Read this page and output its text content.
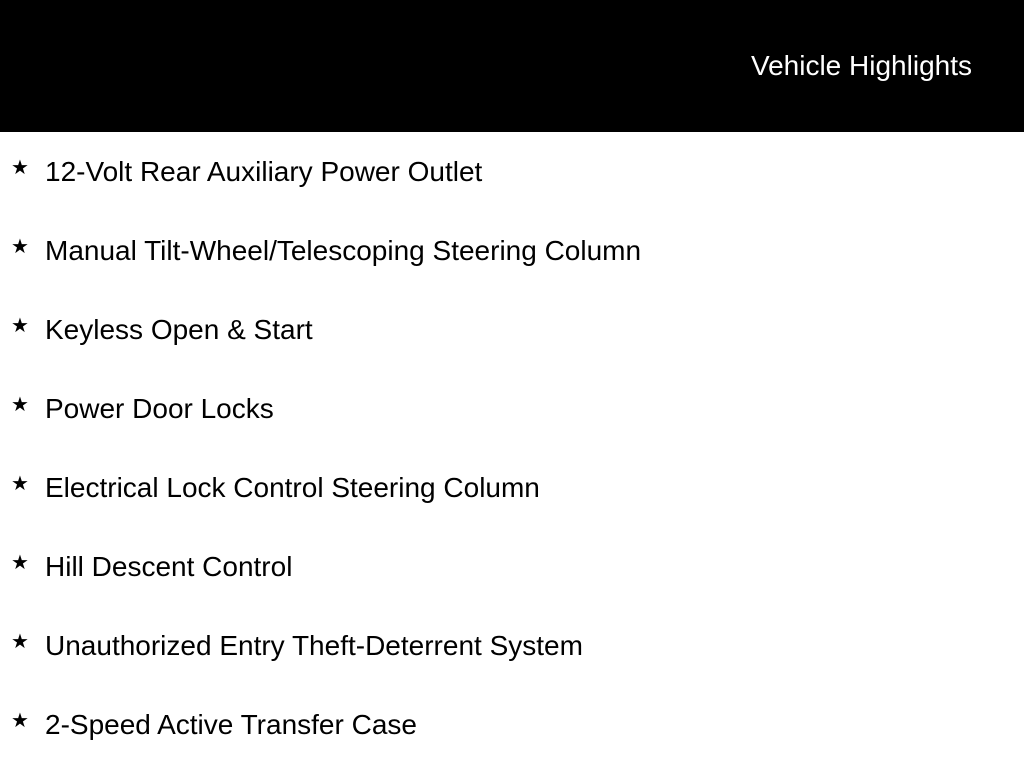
Vehicle Highlights
★ 12-Volt Rear Auxiliary Power Outlet
★ Manual Tilt-Wheel/Telescoping Steering Column
★ Keyless Open & Start
★ Power Door Locks
★ Electrical Lock Control Steering Column
★ Hill Descent Control
★ Unauthorized Entry Theft-Deterrent System
★ 2-Speed Active Transfer Case
